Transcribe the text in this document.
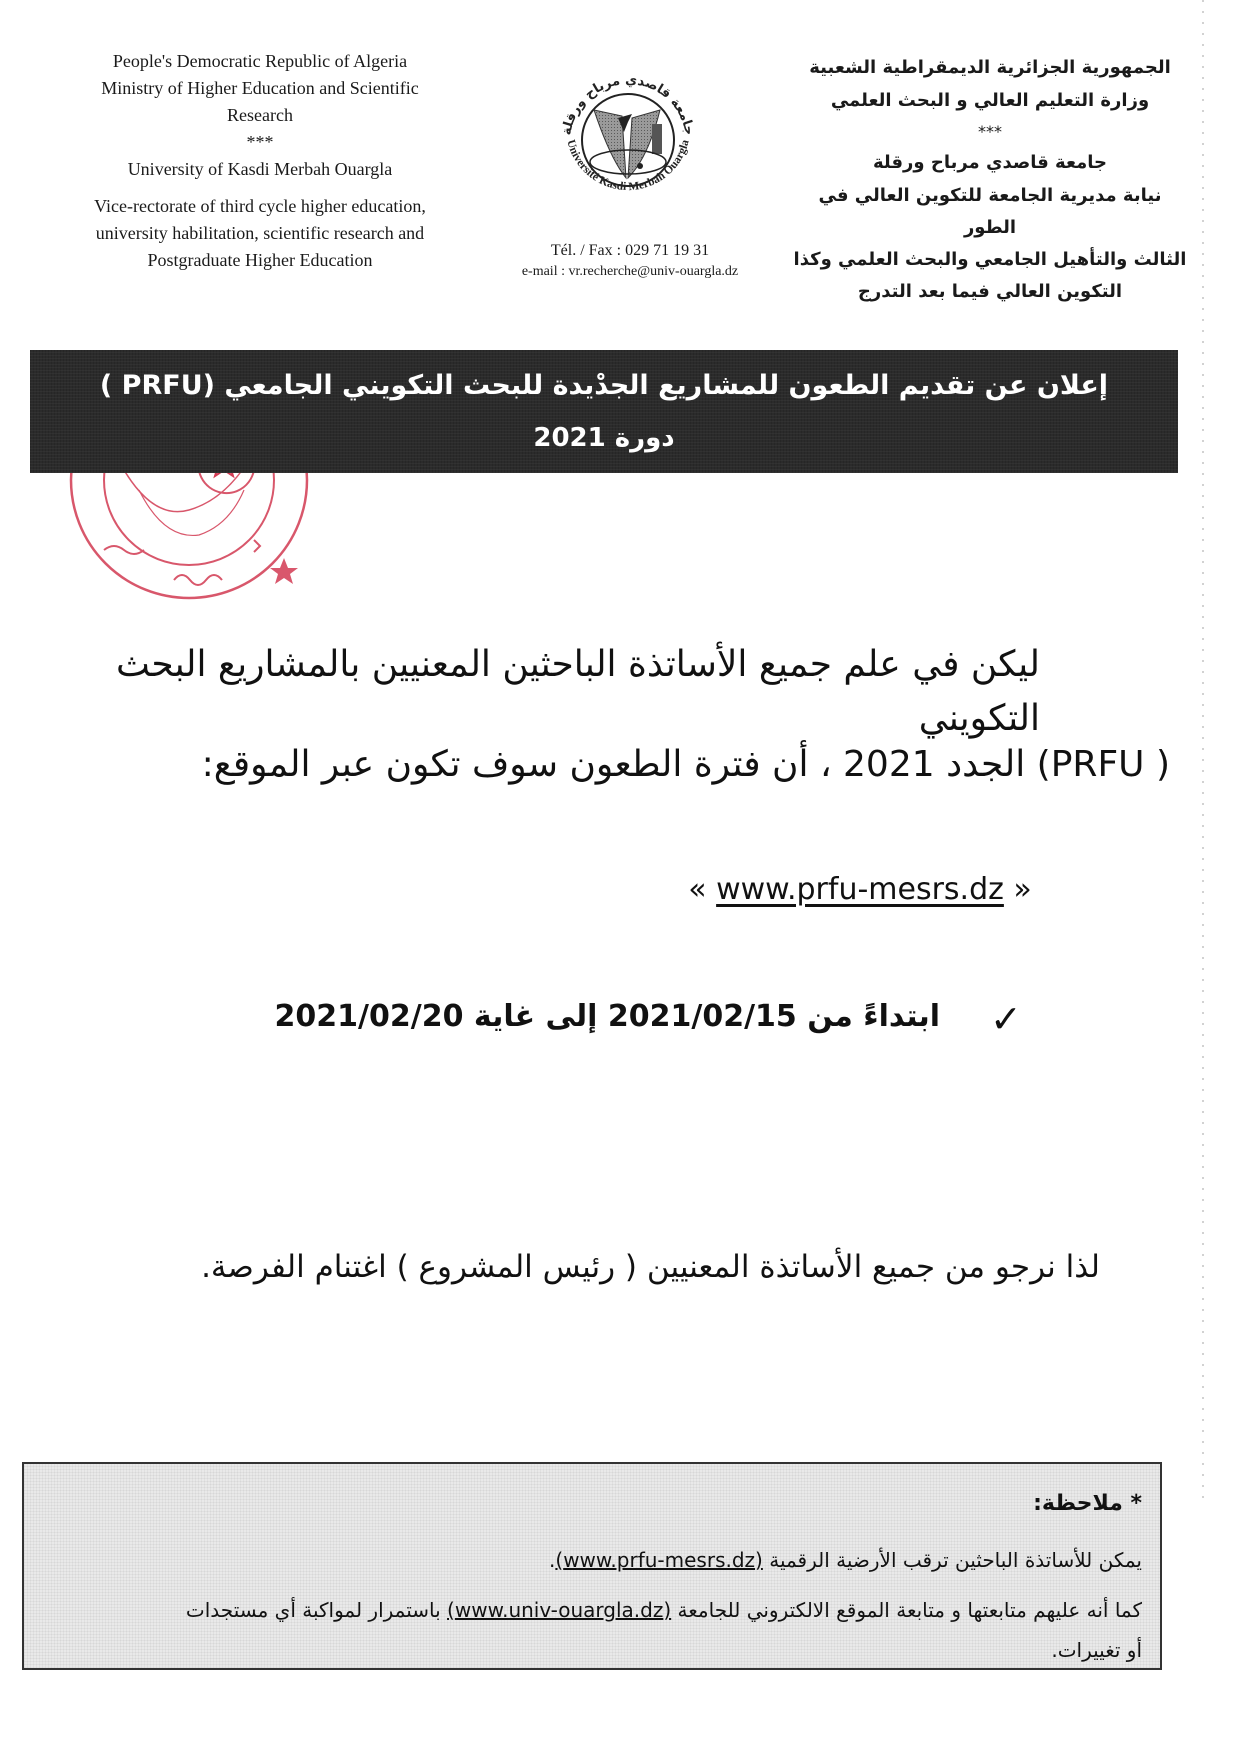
People's Democratic Republic of Algeria
Ministry of Higher Education and Scientific
Research
***
University of Kasdi Merbah Ouargla
Vice-rectorate of third cycle higher education,
university habilitation, scientific research and
Postgraduate Higher Education
جامعة قاصدي مرباح ورقلة
Université Kasdi Merbah Ouargla
Tél. / Fax : 029 71 19 31
e-mail : vr.recherche@univ-ouargla.dz
الجمهورية الجزائرية الديمقراطية الشعبية
وزارة التعليم العالي و البحث العلمي
***
جامعة قاصدي مرباح ورقلة
نيابة مديرية الجامعة للتكوين العالي في الطور
الثالث والتأهيل الجامعي والبحث العلمي وكذا
التكوين العالي فيما بعد التدرج
إعلان عن تقديم الطعون للمشاريع الجدْيدة للبحث التكويني الجامعي (PRFU )
دورة 2021
ليكن في علم جميع الأساتذة الباحثين المعنيين بالمشاريع البحث التكويني
( PRFU) الجدد 2021 ، أن فترة الطعون سوف تكون عبر الموقع:
« www.prfu-mesrs.dz »
✓
ابتداءً من 2021/02/15 إلى غاية 2021/02/20
لذا نرجو من جميع الأساتذة المعنيين ( رئيس المشروع ) اغتنام الفرصة.
* ملاحظة:
يمكن للأساتذة الباحثين ترقب الأرضية الرقمية (www.prfu-mesrs.dz).
كما أنه عليهم متابعتها و متابعة الموقع الالكتروني للجامعة (www.univ-ouargla.dz) باستمرار لمواكبة أي مستجدات
أو تغييرات.
